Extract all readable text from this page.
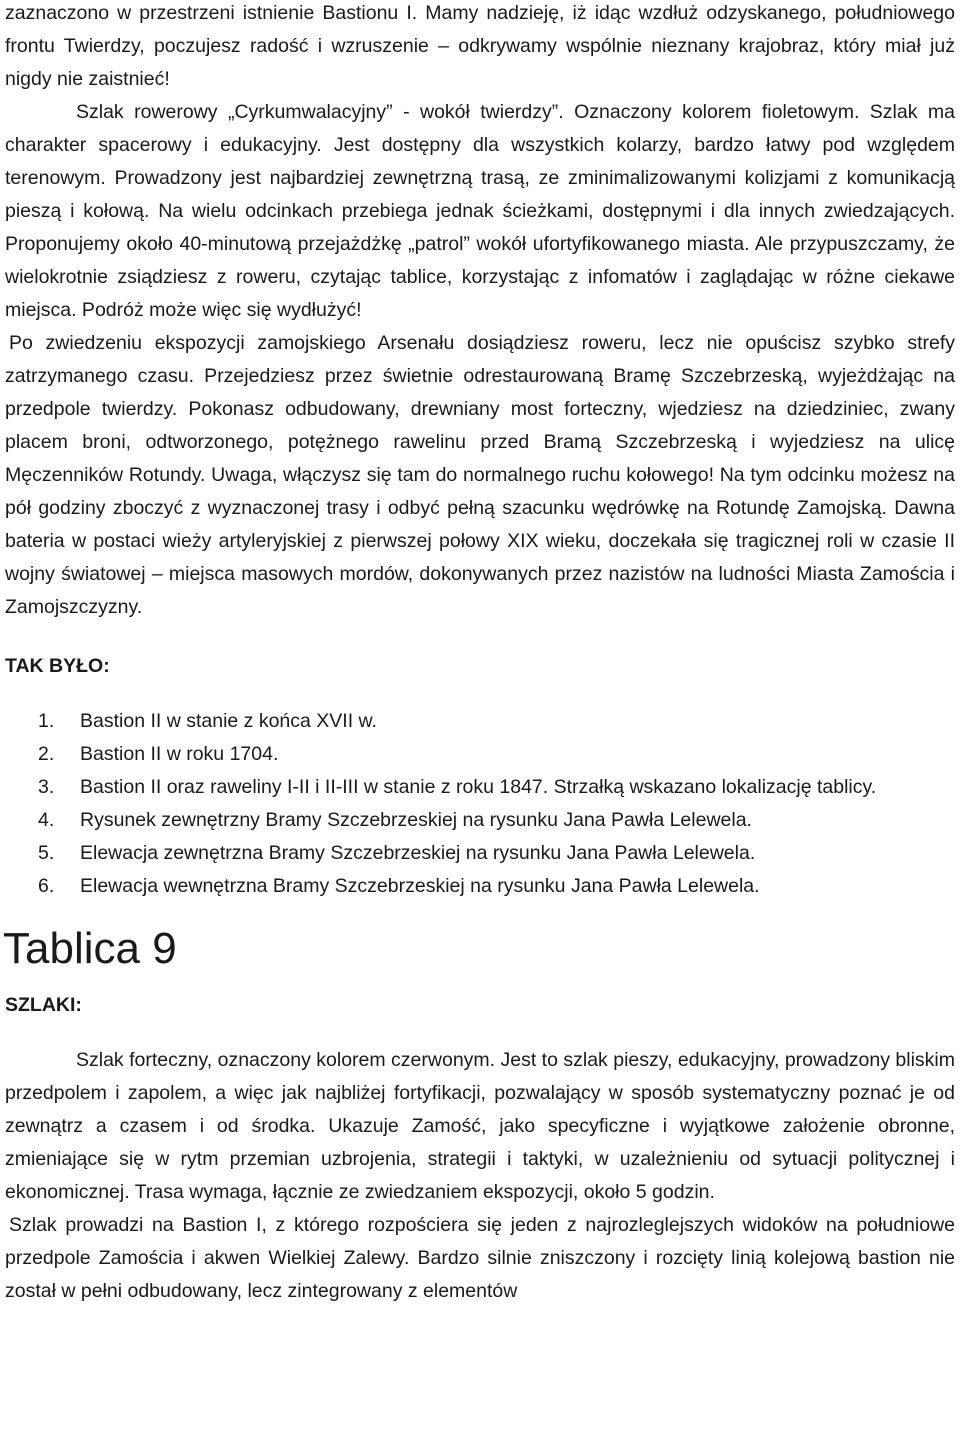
zaznaczono w przestrzeni istnienie Bastionu I. Mamy nadzieję, iż idąc wzdłuż odzyskanego, południowego frontu Twierdzy, poczujesz radość i wzruszenie – odkrywamy wspólnie nieznany krajobraz, który miał już nigdy nie zaistnieć!

Szlak rowerowy „Cyrkumwalacyjny” - wokół twierdzy”. Oznaczony kolorem fioletowym. Szlak ma charakter spacerowy i edukacyjny. Jest dostępny dla wszystkich kolarzy, bardzo łatwy pod względem terenowym. Prowadzony jest najbardziej zewnętrzną trasą, ze zminimalizowanymi kolizjami z komunikacją pieszą i kołową. Na wielu odcinkach przebiega jednak ścieżkami, dostępnymi i dla innych zwiedzających. Proponujemy około 40-minutową przejażdżkę „patrol” wokół ufortyfikowanego miasta. Ale przypuszczamy, że wielokrotnie zsiądziesz z roweru, czytając tablice, korzystając z infomatów i zaglądając w różne ciekawe miejsca. Podróż może więc się wydłużyć!

Po zwiedzeniu ekspozycji zamojskiego Arsenału dosiądziesz roweru, lecz nie opuścisz szybko strefy zatrzymanego czasu. Przejedziesz przez świetnie odrestaurowaną Bramę Szczebrzeską, wyjeżdżając na przedpole twierdzy. Pokonasz odbudowany, drewniany most forteczny, wjedziesz na dziedziniec, zwany placem broni, odtworzonego, potężnego rawelinu przed Bramą Szczebrzeską i wyjedziesz na ulicę Męczenników Rotundy. Uwaga, włączysz się tam do normalnego ruchu kołowego! Na tym odcinku możesz na pół godziny zboczyć z wyznaczonej trasy i odbyć pełną szacunku wędrówkę na Rotundę Zamojską. Dawna bateria w postaci wieży artyleryjskiej z pierwszej połowy XIX wieku, doczekała się tragicznej roli w czasie II wojny światowej – miejsca masowych mordów, dokonywanych przez nazistów na ludności Miasta Zamościa i Zamojszczyzny.

TAK BYŁO:
1. Bastion II w stanie z końca XVII w.
2. Bastion II w roku 1704.
3. Bastion II oraz raweliny I-II i II-III w stanie z roku 1847. Strzałką wskazano lokalizację tablicy.
4. Rysunek zewnętrzny Bramy Szczebrzeskiej na rysunku Jana Pawła Lelewela.
5. Elewacja zewnętrzna Bramy Szczebrzeskiej na rysunku Jana Pawła Lelewela.
6. Elewacja wewnętrzna Bramy Szczebrzeskiej na rysunku Jana Pawła Lelewela.
Tablica 9
SZLAKI:

Szlak forteczny, oznaczony kolorem czerwonym. Jest to szlak pieszy, edukacyjny, prowadzony bliskim przedpolem i zapolem, a więc jak najbliżej fortyfikacji, pozwalający w sposób systematyczny poznać je od zewnątrz a czasem i od środka. Ukazuje Zamość, jako specyficzne i wyjątkowe założenie obronne, zmieniające się w rytm przemian uzbrojenia, strategii i taktyki, w uzależnieniu od sytuacji politycznej i ekonomicznej. Trasa wymaga, łącznie ze zwiedzaniem ekspozycji, około 5 godzin.

Szlak prowadzi na Bastion I, z którego rozpościera się jeden z najrozleglejszych widoków na południowe przedpole Zamościa i akwen Wielkiej Zalewy. Bardzo silnie zniszczony i rozcięty linią kolejową bastion nie został w pełni odbudowany, lecz zintegrowany z elementów
